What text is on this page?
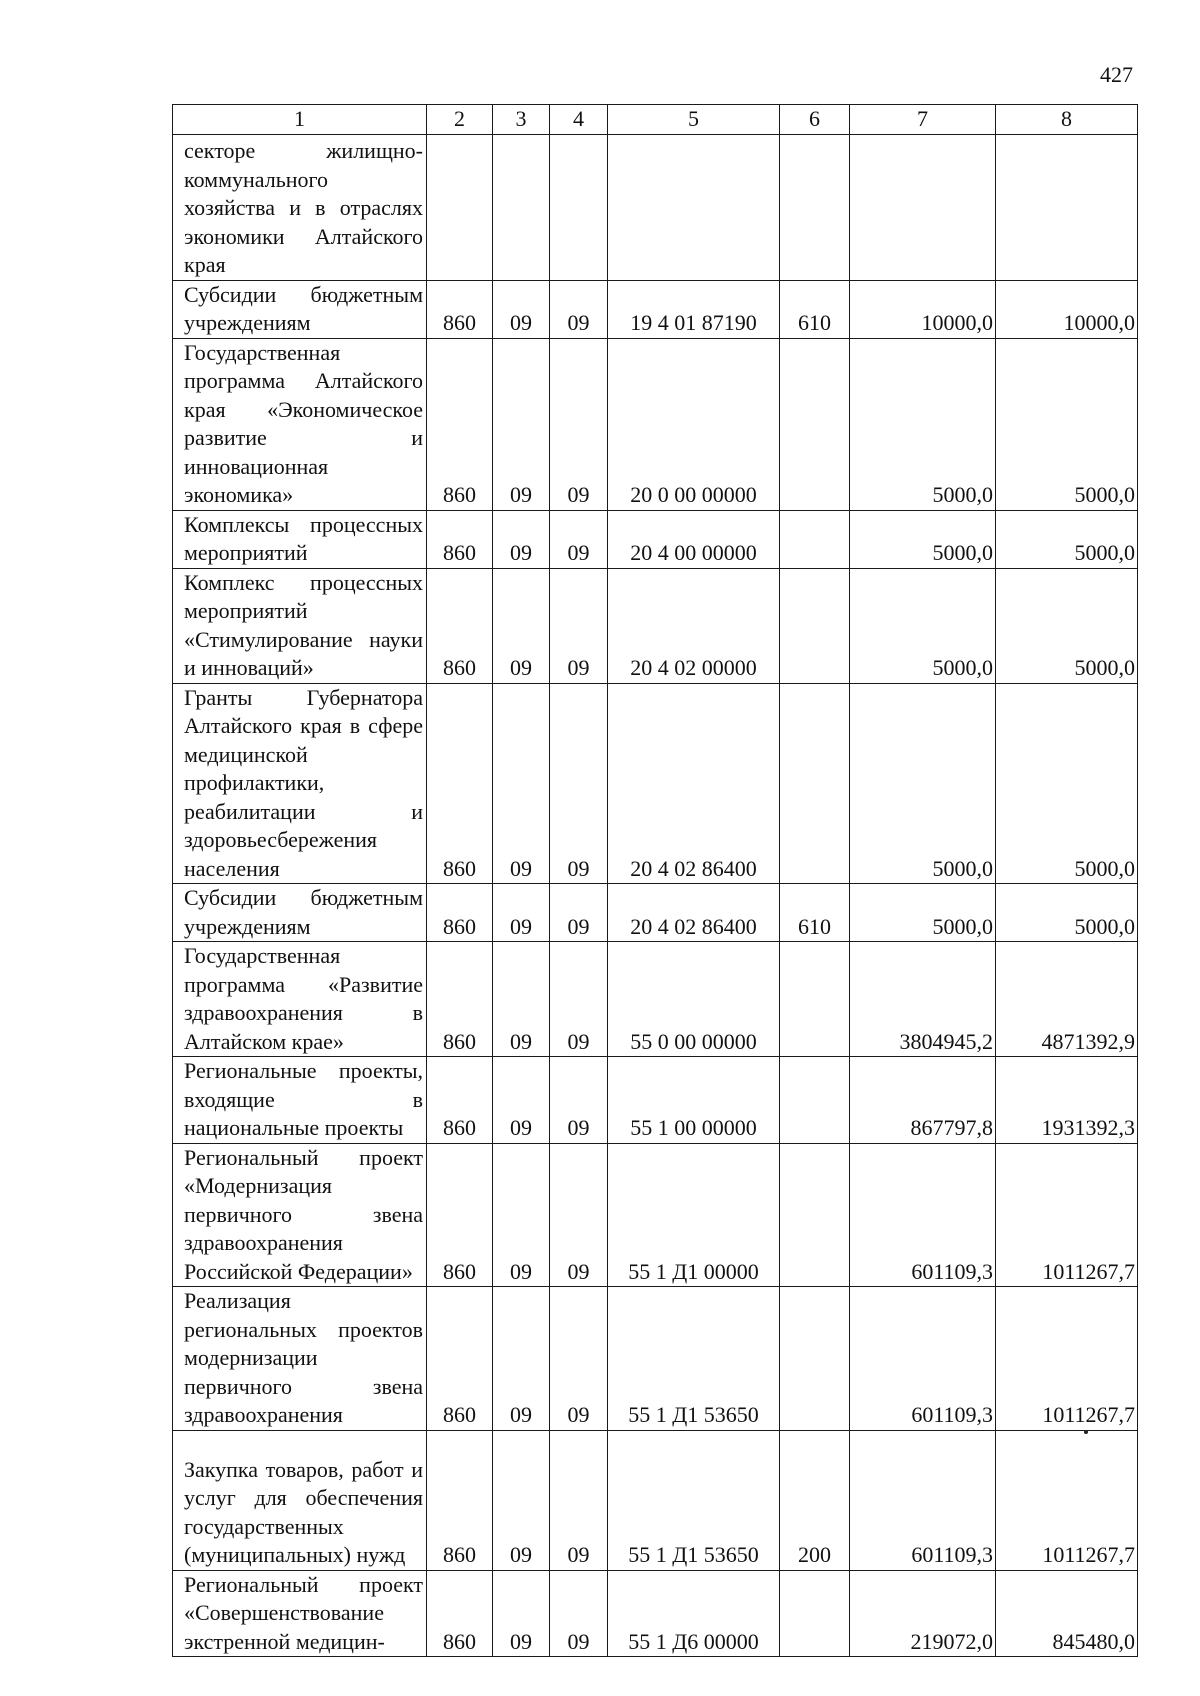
427
1	2	3	4	5	6	7	8
секторе жилищно-коммунального хозяйства и в отраслях экономики Алтайского края							
Субсидии бюджетным учреждениям	860	09	09	19 4 01 87190	610	10000,0	10000,0
Государственная программа Алтайского края «Экономическое развитие и инновационная экономика»	860	09	09	20 0 00 00000		5000,0	5000,0
Комплексы процессных мероприятий	860	09	09	20 4 00 00000		5000,0	5000,0
Комплекс процессных мероприятий «Стимулирование науки и инноваций»	860	09	09	20 4 02 00000		5000,0	5000,0
Гранты Губернатора Алтайского края в сфере медицинской профилактики, реабилитации и здоровьесбережения населения	860	09	09	20 4 02 86400		5000,0	5000,0
Субсидии бюджетным учреждениям	860	09	09	20 4 02 86400	610	5000,0	5000,0
Государственная программа «Развитие здравоохранения в Алтайском крае»	860	09	09	55 0 00 00000		3804945,2	4871392,9
Региональные проекты, входящие в национальные проекты	860	09	09	55 1 00 00000		867797,8	1931392,3
Региональный проект «Модернизация первичного звена здравоохранения Российской Федерации»	860	09	09	55 1 Д1 00000		601109,3	1011267,7
Реализация региональных проектов модернизации первичного звена здравоохранения	860	09	09	55 1 Д1 53650		601109,3	1011267,7
Закупка товаров, работ и услуг для обеспечения государственных (муниципальных) нужд	860	09	09	55 1 Д1 53650	200	601109,3	1011267,7
Региональный проект «Совершенствование экстренной медицин-	860	09	09	55 1 Д6 00000		219072,0	845480,0
